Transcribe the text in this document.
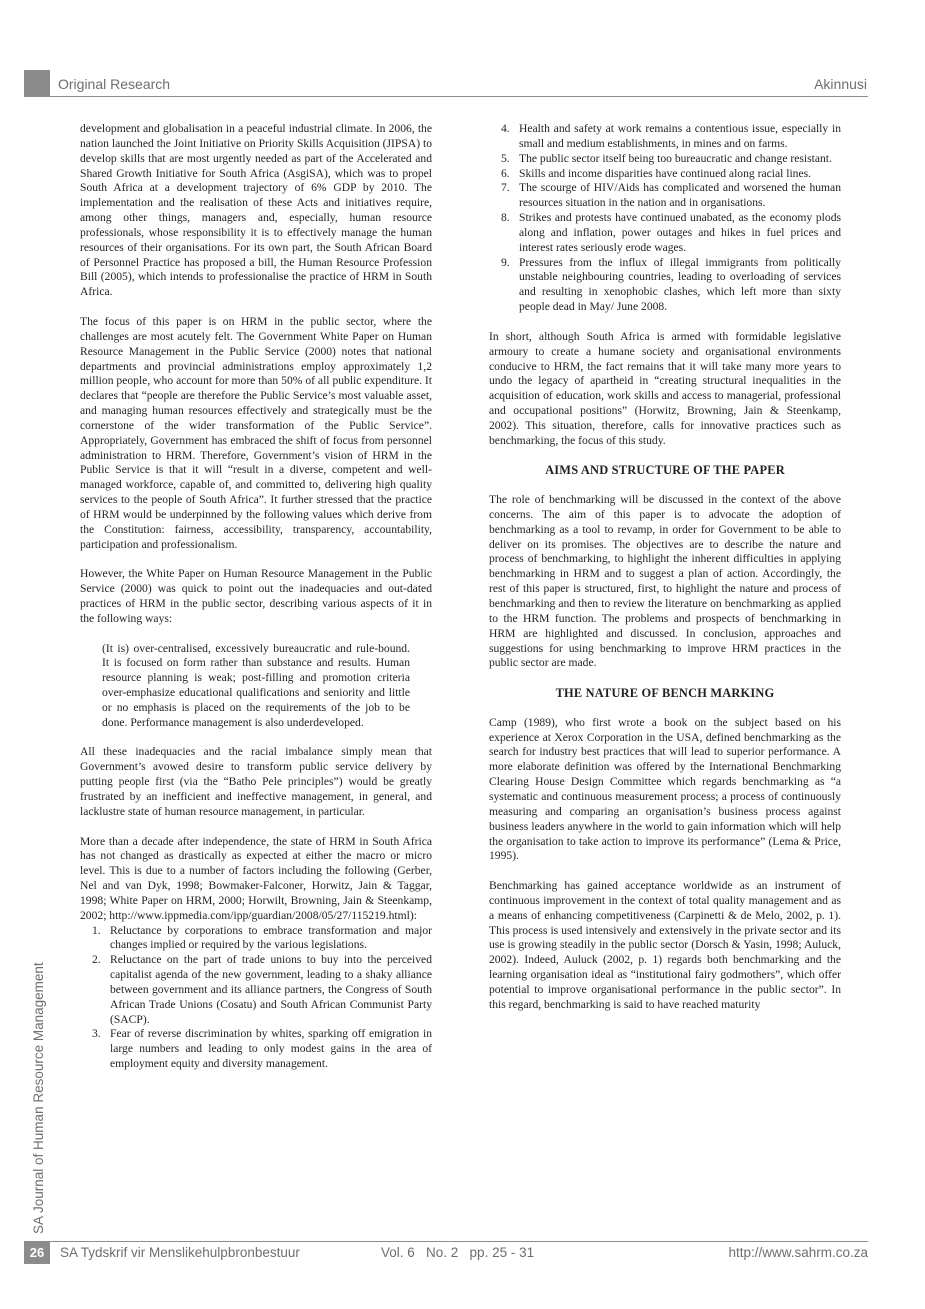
Original Research	Akinnusi
SA Journal of Human Resource Management

development and globalisation in a peaceful industrial climate. In 2006, the nation launched the Joint Initiative on Priority Skills Acquisition (JIPSA) to develop skills that are most urgently needed as part of the Accelerated and Shared Growth Initiative for South Africa (AsgiSA), which was to propel South Africa at a development trajectory of 6% GDP by 2010. The implementation and the realisation of these Acts and initiatives require, among other things, managers and, especially, human resource professionals, whose responsibility it is to effectively manage the human resources of their organisations. For its own part, the South African Board of Personnel Practice has proposed a bill, the Human Resource Profession Bill (2005), which intends to professionalise the practice of HRM in South Africa.

The focus of this paper is on HRM in the public sector, where the challenges are most acutely felt. The Government White Paper on Human Resource Management in the Public Service (2000) notes that national departments and provincial administrations employ approximately 1,2 million people, who account for more than 50% of all public expenditure. It declares that “people are therefore the Public Service’s most valuable asset, and managing human resources effectively and strategically must be the cornerstone of the wider transformation of the Public Service”. Appropriately, Government has embraced the shift of focus from personnel administration to HRM. Therefore, Government’s vision of HRM in the Public Service is that it will “result in a diverse, competent and well-managed workforce, capable of, and committed to, delivering high quality services to the people of South Africa”. It further stressed that the practice of HRM would be underpinned by the following values which derive from the Constitution: fairness, accessibility, transparency, accountability, participation and professionalism.

However, the White Paper on Human Resource Management in the Public Service (2000) was quick to point out the inadequacies and out-dated practices of HRM in the public sector, describing various aspects of it in the following ways:

(It is) over-centralised, excessively bureaucratic and rule-bound. It is focused on form rather than substance and results. Human resource planning is weak; post-filling and promotion criteria over-emphasize educational qualifications and seniority and little or no emphasis is placed on the requirements of the job to be done. Performance management is also underdeveloped.

All these inadequacies and the racial imbalance simply mean that Government’s avowed desire to transform public service delivery by putting people first (via the “Batho Pele principles”) would be greatly frustrated by an inefficient and ineffective management, in general, and lacklustre state of human resource management, in particular.

More than a decade after independence, the state of HRM in South Africa has not changed as drastically as expected at either the macro or micro level. This is due to a number of factors including the following (Gerber, Nel and van Dyk, 1998; Bowmaker-Falconer, Horwitz, Jain & Taggar, 1998; White Paper on HRM, 2000; Horwilt, Browning, Jain & Steenkamp, 2002; http://www.ippmedia.com/ipp/guardian/2008/05/27/115219.html):

1. Reluctance by corporations to embrace transformation and major changes implied or required by the various legislations.
2. Reluctance on the part of trade unions to buy into the perceived capitalist agenda of the new government, leading to a shaky alliance between government and its alliance partners, the Congress of South African Trade Unions (Cosatu) and South African Communist Party (SACP).
3. Fear of reverse discrimination by whites, sparking off emigration in large numbers and leading to only modest gains in the area of employment equity and diversity management.
4. Health and safety at work remains a contentious issue, especially in small and medium establishments, in mines and on farms.
5. The public sector itself being too bureaucratic and change resistant.
6. Skills and income disparities have continued along racial lines.
7. The scourge of HIV/Aids has complicated and worsened the human resources situation in the nation and in organisations.
8. Strikes and protests have continued unabated, as the economy plods along and inflation, power outages and hikes in fuel prices and interest rates seriously erode wages.
9. Pressures from the influx of illegal immigrants from politically unstable neighbouring countries, leading to overloading of services and resulting in xenophobic clashes, which left more than sixty people dead in May/ June 2008.

In short, although South Africa is armed with formidable legislative armoury to create a humane society and organisational environments conducive to HRM, the fact remains that it will take many more years to undo the legacy of apartheid in “creating structural inequalities in the acquisition of education, work skills and access to managerial, professional and occupational positions” (Horwitz, Browning, Jain & Steenkamp, 2002). This situation, therefore, calls for innovative practices such as benchmarking, the focus of this study.

AIMS AND STRUCTURE OF THE PAPER

The role of benchmarking will be discussed in the context of the above concerns. The aim of this paper is to advocate the adoption of benchmarking as a tool to revamp, in order for Government to be able to deliver on its promises. The objectives are to describe the nature and process of benchmarking, to highlight the inherent difficulties in applying benchmarking in HRM and to suggest a plan of action. Accordingly, the rest of this paper is structured, first, to highlight the nature and process of benchmarking and then to review the literature on benchmarking as applied to the HRM function. The problems and prospects of benchmarking in HRM are highlighted and discussed. In conclusion, approaches and suggestions for using benchmarking to improve HRM practices in the public sector are made.

THE NATURE OF BENCH MARKING

Camp (1989), who first wrote a book on the subject based on his experience at Xerox Corporation in the USA, defined benchmarking as the search for industry best practices that will lead to superior performance. A more elaborate definition was offered by the International Benchmarking Clearing House Design Committee which regards benchmarking as “a systematic and continuous measurement process; a process of continuously measuring and comparing an organisation’s business process against business leaders anywhere in the world to gain information which will help the organisation to take action to improve its performance” (Lema & Price, 1995).

Benchmarking has gained acceptance worldwide as an instrument of continuous improvement in the context of total quality management and as a means of enhancing competitiveness (Carpinetti & de Melo, 2002, p. 1). This process is used intensively and extensively in the private sector and its use is growing steadily in the public sector (Dorsch & Yasin, 1998; Auluck, 2002). Indeed, Auluck (2002, p. 1) regards both benchmarking and the learning organisation ideal as “institutional fairy godmothers”, which offer potential to improve organisational performance in the public sector”. In this regard, benchmarking is said to have reached maturity

26	SA Tydskrif vir Menslikehulpbronbestuur	Vol. 6   No. 2   pp. 25 - 31	http://www.sahrm.co.za
